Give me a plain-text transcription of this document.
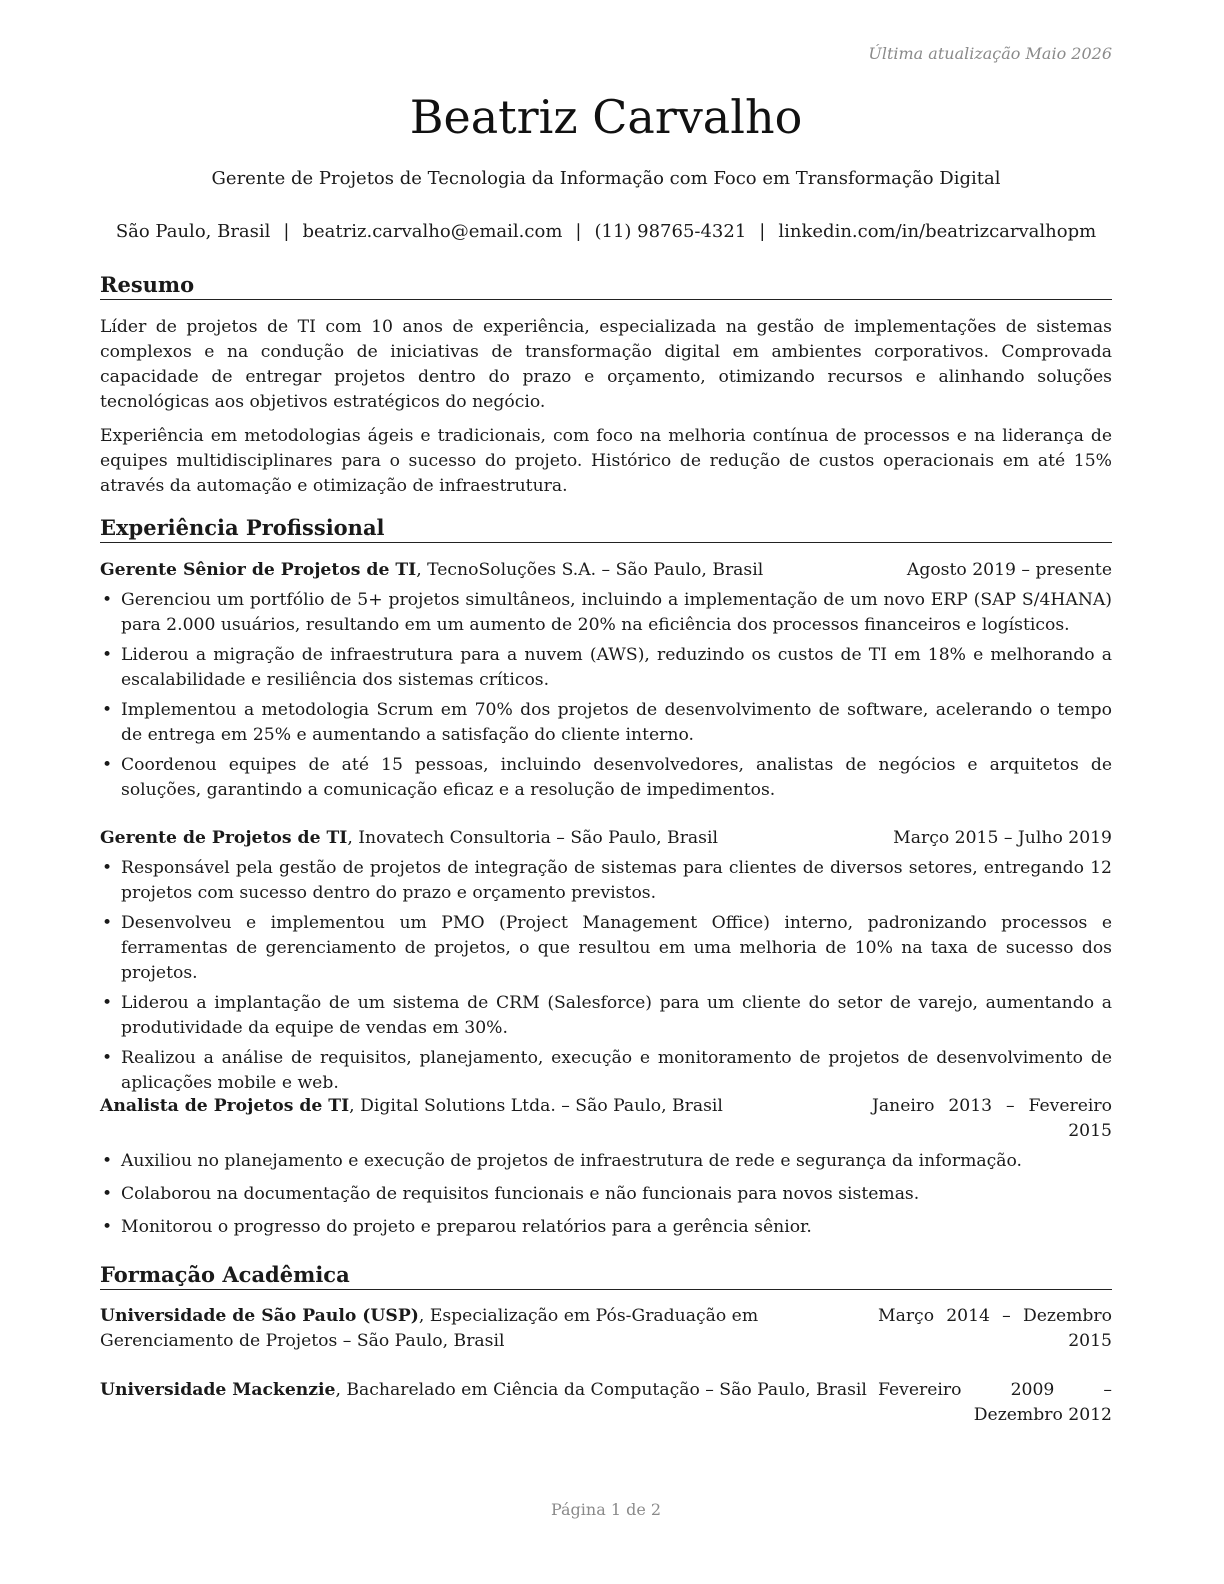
Última atualização Maio 2026
Beatriz Carvalho
Gerente de Projetos de Tecnologia da Informação com Foco em Transformação Digital
São Paulo, Brasil | beatriz.carvalho@email.com | (11) 98765-4321 | linkedin.com/in/beatrizcarvalhopm
Resumo
Líder de projetos de TI com 10 anos de experiência, especializada na gestão de implementações de sistemas complexos e na condução de iniciativas de transformação digital em ambientes corporativos. Comprovada capacidade de entregar projetos dentro do prazo e orçamento, otimizando recursos e alinhando soluções tecnológicas aos objetivos estratégicos do negócio.
Experiência em metodologias ágeis e tradicionais, com foco na melhoria contínua de processos e na liderança de equipes multidisciplinares para o sucesso do projeto. Histórico de redução de custos operacionais em até 15% através da automação e otimização de infraestrutura.
Experiência Profissional
Gerente Sênior de Projetos de TI, TecnoSoluções S.A. – São Paulo, Brasil	Agosto 2019 – presente
• Gerenciou um portfólio de 5+ projetos simultâneos, incluindo a implementação de um novo ERP (SAP S/4HANA) para 2.000 usuários, resultando em um aumento de 20% na eficiência dos processos financeiros e logísticos.
• Liderou a migração de infraestrutura para a nuvem (AWS), reduzindo os custos de TI em 18% e melhorando a escalabilidade e resiliência dos sistemas críticos.
• Implementou a metodologia Scrum em 70% dos projetos de desenvolvimento de software, acelerando o tempo de entrega em 25% e aumentando a satisfação do cliente interno.
• Coordenou equipes de até 15 pessoas, incluindo desenvolvedores, analistas de negócios e arquitetos de soluções, garantindo a comunicação eficaz e a resolução de impedimentos.
Gerente de Projetos de TI, Inovatech Consultoria – São Paulo, Brasil	Março 2015 – Julho 2019
• Responsável pela gestão de projetos de integração de sistemas para clientes de diversos setores, entregando 12 projetos com sucesso dentro do prazo e orçamento previstos.
• Desenvolveu e implementou um PMO (Project Management Office) interno, padronizando processos e ferramentas de gerenciamento de projetos, o que resultou em uma melhoria de 10% na taxa de sucesso dos projetos.
• Liderou a implantação de um sistema de CRM (Salesforce) para um cliente do setor de varejo, aumentando a produtividade da equipe de vendas em 30%.
• Realizou a análise de requisitos, planejamento, execução e monitoramento de projetos de desenvolvimento de aplicações mobile e web.
Analista de Projetos de TI, Digital Solutions Ltda. – São Paulo, Brasil	Janeiro 2013 – Fevereiro 2015
• Auxiliou no planejamento e execução de projetos de infraestrutura de rede e segurança da informação.
• Colaborou na documentação de requisitos funcionais e não funcionais para novos sistemas.
• Monitorou o progresso do projeto e preparou relatórios para a gerência sênior.
Formação Acadêmica
Universidade de São Paulo (USP), Especialização em Pós-Graduação em Gerenciamento de Projetos – São Paulo, Brasil
Março 2014 – Dezembro 2015
Universidade Mackenzie, Bacharelado em Ciência da Computação – São Paulo, Brasil Fevereiro 2009 – Dezembro 2012
Página 1 de 2
